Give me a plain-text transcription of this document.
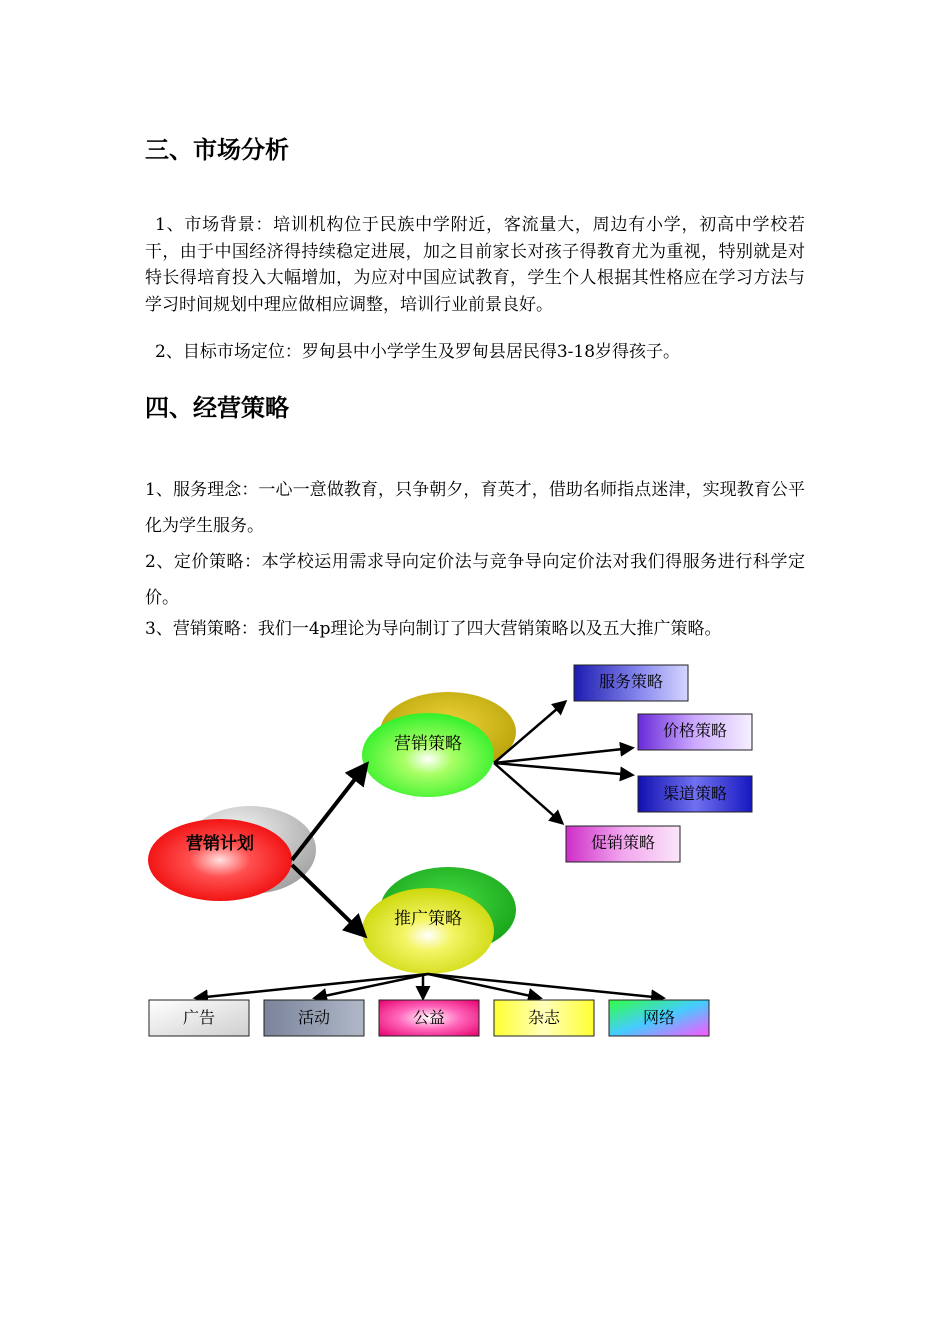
三、市场分析

1、市场背景：培训机构位于民族中学附近，客流量大，周边有小学，初高中学校若干，由于中国经济得持续稳定进展，加之目前家长对孩子得教育尤为重视，特别就是对特长得培育投入大幅增加，为应对中国应试教育，学生个人根据其性格应在学习方法与学习时间规划中理应做相应调整，培训行业前景良好。

2、目标市场定位：罗甸县中小学学生及罗甸县居民得3-18岁得孩子。

四、经营策略

1、服务理念：一心一意做教育，只争朝夕，育英才，借助名师指点迷津，实现教育公平化为学生服务。

2、定价策略：本学校运用需求导向定价法与竞争导向定价法对我们得服务进行科学定价。

3、营销策略：我们一4p理论为导向制订了四大营销策略以及五大推广策略。

营销计划
营销策略
推广策略
服务策略
价格策略
渠道策略
促销策略
广告	活动	公益	杂志	网络
